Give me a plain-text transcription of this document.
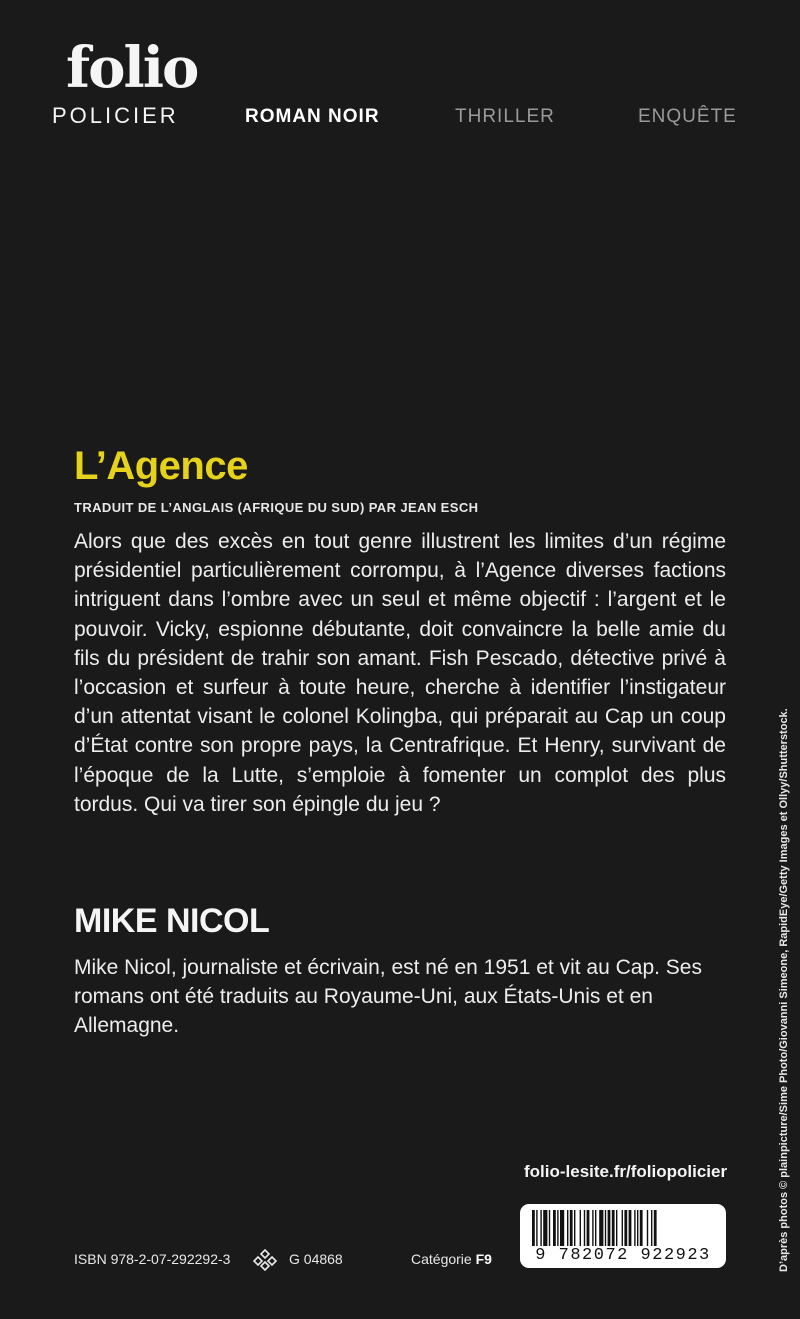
folio
POLICIER	ROMAN NOIR	THRILLER	ENQUÊTE
L’Agence
TRADUIT DE L’ANGLAIS (AFRIQUE DU SUD) PAR JEAN ESCH

Alors que des excès en tout genre illustrent les limites d’un régime présidentiel particulièrement corrompu, à l’Agence diverses factions intriguent dans l’ombre avec un seul et même objectif : l’argent et le pouvoir. Vicky, espionne débutante, doit convaincre la belle amie du fils du président de trahir son amant. Fish Pescado, détective privé à l’occasion et surfeur à toute heure, cherche à identifier l’instigateur d’un attentat visant le colonel Kolingba, qui préparait au Cap un coup d’État contre son propre pays, la Centrafrique. Et Henry, survivant de l’époque de la Lutte, s’emploie à fomenter un complot des plus tordus. Qui va tirer son épingle du jeu ?

MIKE NICOL

Mike Nicol, journaliste et écrivain, est né en 1951 et vit au Cap. Ses romans ont été traduits au Royaume-Uni, aux États-Unis et en Allemagne.

folio-lesite.fr/foliopolicier
9 782072 922923
ISBN 978-2-07-292292-3	G 04868	Catégorie F9	D’après photos © plainpicture/Sime Photo/Giovanni Simeone, RapidEye/Getty Images et Ollyy/Shutterstock.
